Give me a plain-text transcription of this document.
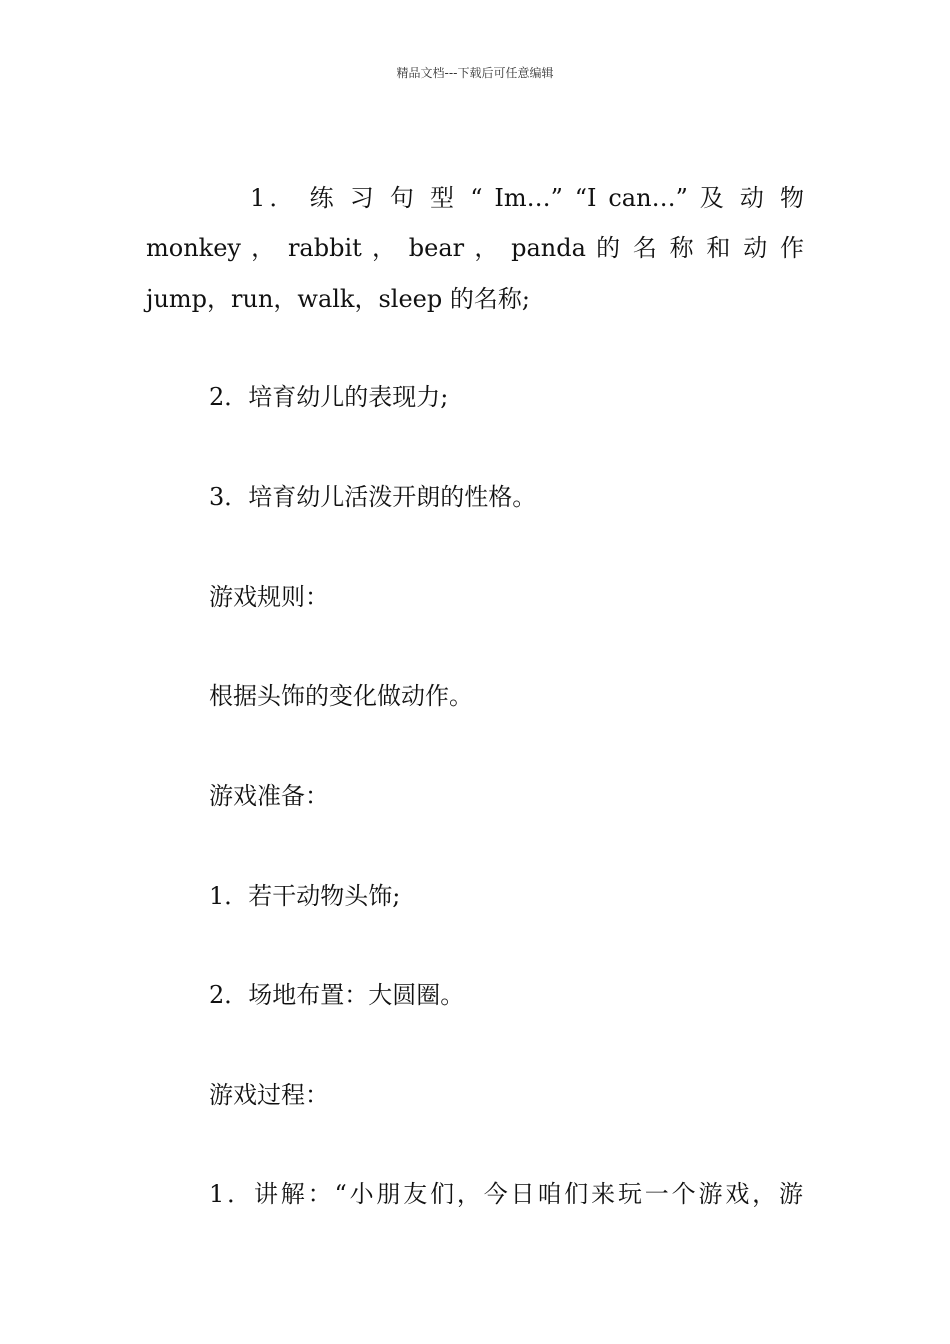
精品文档---下载后可任意编辑
1． 练 习 句 型 “ Im…” “I can…” 及 动 物
monkey ， rabbit ， bear ， panda 的 名 称 和 动 作
jump，run，walk，sleep 的名称;
2．培育幼儿的表现力;
3．培育幼儿活泼开朗的性格。
游戏规则：
根据头饰的变化做动作。
游戏准备：
1．若干动物头饰;
2．场地布置：大圆圈。
游戏过程：
1．讲解：“小朋友们，今日咱们来玩一个游戏，游
